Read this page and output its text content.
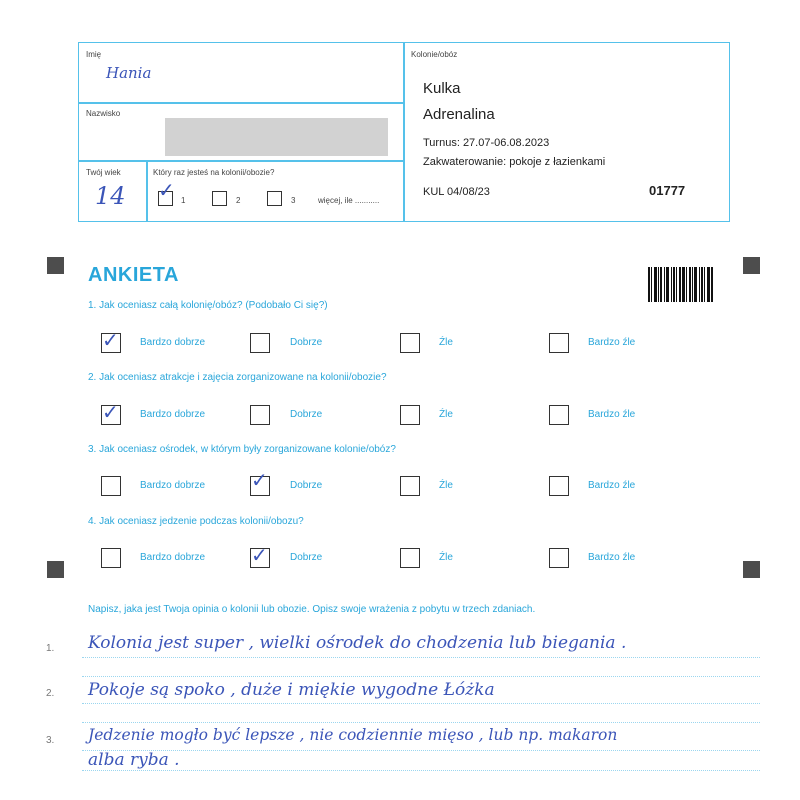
Imię
Hania
Nazwisko
Twój wiek
14
Który raz jesteś na kolonii/obozie?
✓ 1	2	3	więcej, ile ...........
Kolonie/obóz
Kulka
Adrenalina
Turnus: 27.07-06.08.2023
Zakwaterowanie: pokoje z łazienkami
KUL 04/08/23	01777
ANKIETA
1. Jak oceniasz całą kolonię/obóz? (Podobało Ci się?)
✓ Bardzo dobrze	Dobrze	Źle	Bardzo źle
2. Jak oceniasz atrakcje i zajęcia zorganizowane na kolonii/obozie?
✓ Bardzo dobrze	Dobrze	Źle	Bardzo źle
3. Jak oceniasz ośrodek, w którym były zorganizowane kolonie/obóz?
Bardzo dobrze ✓ Dobrze	Źle	Bardzo źle
4. Jak oceniasz jedzenie podczas kolonii/obozu?
Bardzo dobrze ✓ Dobrze	Źle	Bardzo źle
Napisz, jaka jest Twoja opinia o kolonii lub obozie. Opisz swoje wrażenia z pobytu w trzech zdaniach.
1. Kolonia jest super , wielki ośrodek do chodzenia lub biegania .
2. Pokoje są spoko , duże i miękie wygodne Łóżka
3. Jedzenie mogło być lepsze , nie codziennie mięso , lub np. makaron
alba ryba .
